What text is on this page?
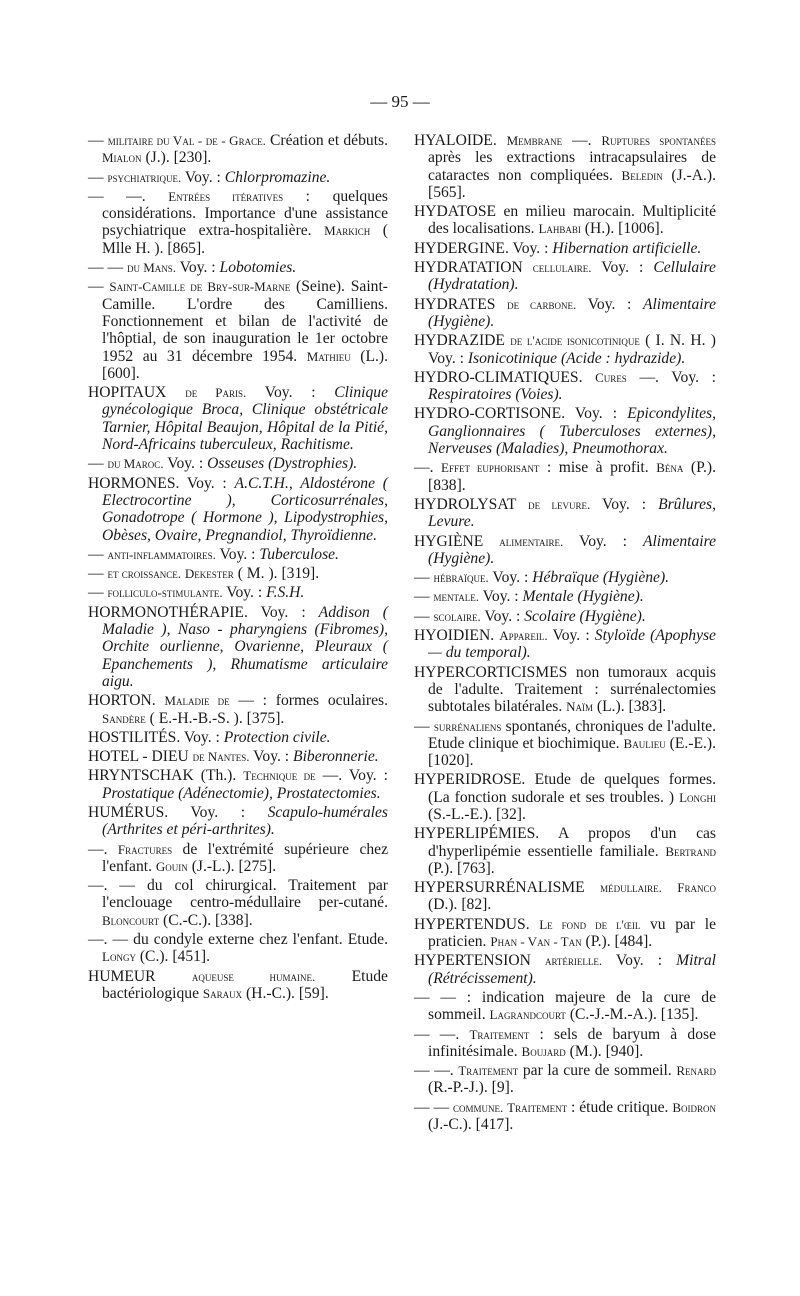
— 95 —

— militaire du Val - de - Grace. Création et débuts. Mialon (J.). [230].

— psychiatrique. Voy. : Chlorpromazine.

— —. Entrées itératives : quelques considérations. Importance d'une assistance psychiatrique extra-hospitalière. Markich ( Mlle H. ). [865].

— — du Mans. Voy. : Lobotomies.

— Saint-Camille de Bry-sur-Marne (Seine). Saint-Camille. L'ordre des Camilliens. Fonctionnement et bilan de l'activité de l'hôptial, de son inauguration le 1er octobre 1952 au 31 décembre 1954. Mathieu (L.). [600].

HOPITAUX de Paris. Voy. : Clinique gynécologique Broca, Clinique obstétricale Tarnier, Hôpital Beaujon, Hôpital de la Pitié, Nord-Africains tuberculeux, Rachitisme.

— du Maroc. Voy. : Osseuses (Dystrophies).

HORMONES. Voy. : A.C.T.H., Aldostérone ( Electrocortine ), Corticosurrénales, Gonadotrope ( Hormone ), Lipodystrophies, Obèses, Ovaire, Pregnandiol, Thyroïdienne.

— anti-inflammatoires. Voy. : Tuberculose.

— et croissance. Dekester ( M. ). [319].

— folliculo-stimulante. Voy. : F.S.H.

HORMONOTHÉRAPIE. Voy. : Addison ( Maladie ), Naso - pharyngiens (Fibromes), Orchite ourlienne, Ovarienne, Pleuraux ( Epanchements ), Rhumatisme articulaire aigu.

HORTON. Maladie de — : formes oculaires. Sandère ( E.-H.-B.-S. ). [375].

HOSTILITÉS. Voy. : Protection civile.

HOTEL - DIEU de Nantes. Voy. : Biberonnerie.

HRYNTSCHAK (Th.). Technique de —. Voy. : Prostatique (Adénectomie), Prostatectomies.

HUMÉRUS. Voy. : Scapulo-humérales (Arthrites et péri-arthrites).

—. Fractures de l'extrémité supérieure chez l'enfant. Gouin (J.-L.). [275].

—. — du col chirurgical. Traitement par l'enclouage centro-médullaire per-cutané. Bloncourt (C.-C.). [338].

—. — du condyle externe chez l'enfant. Etude. Longy (C.). [451].

HUMEUR	aqueuse humaine. Etude bactériologique Saraux (H.-C.). [59].

HYALOIDE. Membrane —. Ruptures spontanées après les extractions intracapsulaires de cataractes non compliquées. Beledin (J.-A.). [565].

HYDATOSE en milieu marocain. Multiplicité des localisations. Lahbabi (H.). [1006].

HYDERGINE. Voy. : Hibernation artificielle.

HYDRATATION cellulaire. Voy. : Cellulaire (Hydratation).

HYDRATES de carbone. Voy. : Alimentaire (Hygiène).

HYDRAZIDE de l'acide isonicotinique ( I. N. H. ) Voy. : Isonicotinique (Acide : hydrazide).

HYDRO-CLIMATIQUES. Cures —. Voy. : Respiratoires (Voies).

HYDRO-CORTISONE. Voy. : Epicondylites, Ganglionnaires ( Tuberculoses externes), Nerveuses (Maladies), Pneumothorax.

—. Effet euphorisant : mise à profit. Béna (P.). [838].

HYDROLYSAT de levure. Voy. : Brûlures, Levure.

HYGIÈNE alimentaire. Voy. : Alimentaire (Hygiène).

— hébraïque. Voy. : Hébraïque (Hygiène).

— mentale. Voy. : Mentale (Hygiène).

— scolaire. Voy. : Scolaire (Hygiène).

HYOIDIEN. Appareil. Voy. : Styloïde (Apophyse — du temporal).

HYPERCORTICISMES non tumoraux acquis de l'adulte. Traitement : surrénalectomies subtotales bilatérales. Naïm (L.). [383].

— surrénaliens spontanés, chroniques de l'adulte. Etude clinique et biochimique. Baulieu (E.-E.). [1020].

HYPERIDROSE. Etude de quelques formes. (La fonction sudorale et ses troubles. ) Longhi (S.-L.-E.). [32].

HYPERLIPÉMIES. A propos d'un cas d'hyperlipémie essentielle familiale. Bertrand (P.). [763].

HYPERSURRÉNALISME médullaire. Franco (D.). [82].

HYPERTENDUS. Le fond de l'œil vu par le praticien. Phan - Van - Tan (P.). [484].

HYPERTENSION artérielle. Voy. : Mitral (Rétrécissement).

— — : indication majeure de la cure de sommeil. Lagrandcourt (C.-J.-M.-A.). [135].

— —. Traitement : sels de baryum à dose infinitésimale. Boujard (M.). [940].

— —. Traitement par la cure de sommeil. Renard (R.-P.-J.). [9].

— — commune. Traitement : étude critique. Boidron (J.-C.). [417].
